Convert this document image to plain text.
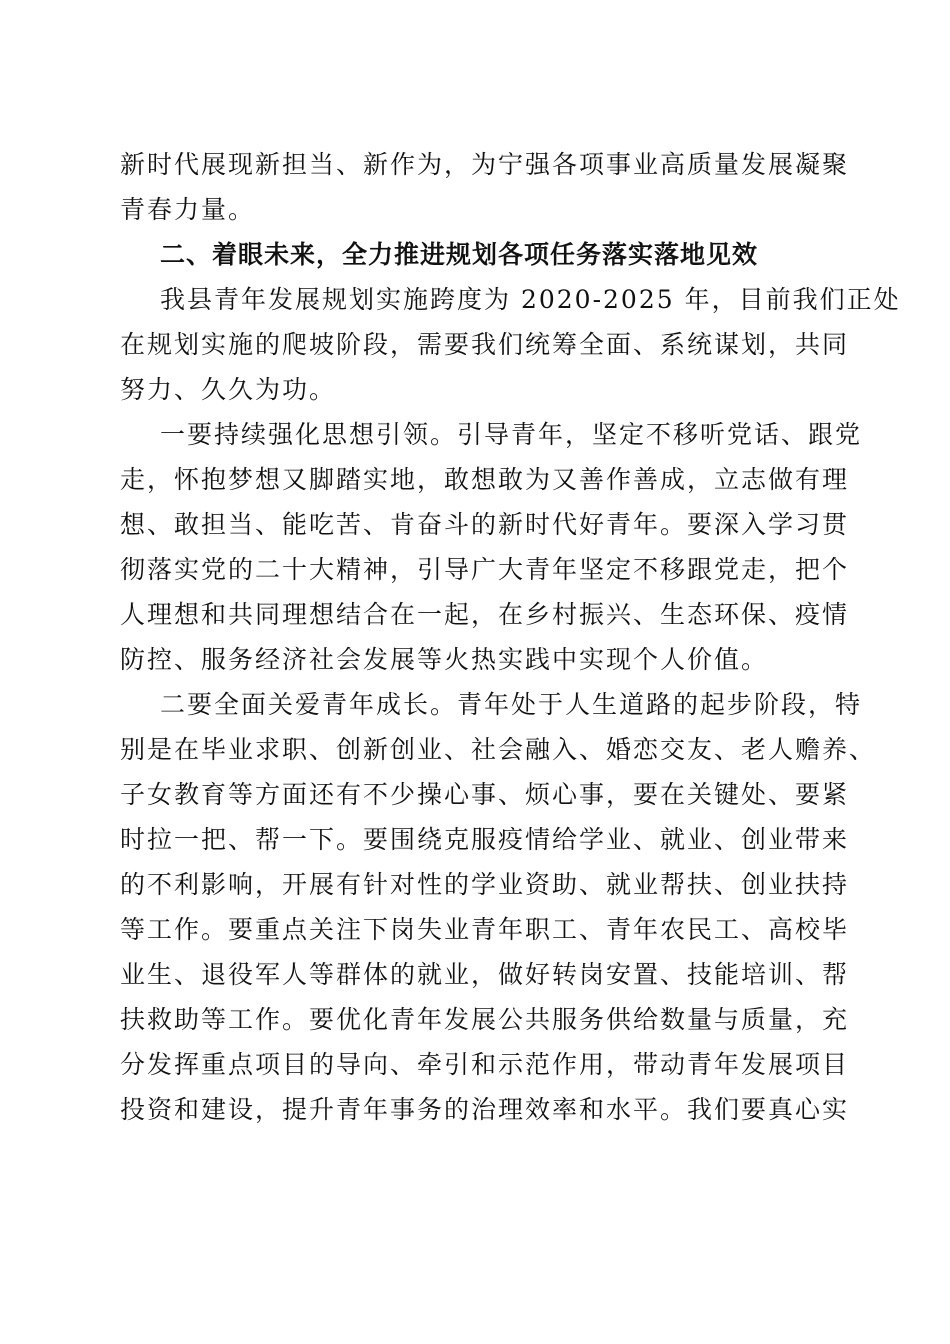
新时代展现新担当、新作为，为宁强各项事业高质量发展凝聚
青春力量。
二、着眼未来，全力推进规划各项任务落实落地见效
我县青年发展规划实施跨度为 2020-2025 年，目前我们正处
在规划实施的爬坡阶段，需要我们统筹全面、系统谋划，共同
努力、久久为功。
一要持续强化思想引领。引导青年，坚定不移听党话、跟党
走，怀抱梦想又脚踏实地，敢想敢为又善作善成，立志做有理
想、敢担当、能吃苦、肯奋斗的新时代好青年。要深入学习贯
彻落实党的二十大精神，引导广大青年坚定不移跟党走，把个
人理想和共同理想结合在一起，在乡村振兴、生态环保、疫情
防控、服务经济社会发展等火热实践中实现个人价值。
二要全面关爱青年成长。青年处于人生道路的起步阶段，特
别是在毕业求职、创新创业、社会融入、婚恋交友、老人赡养、
子女教育等方面还有不少操心事、烦心事，要在关键处、要紧
时拉一把、帮一下。要围绕克服疫情给学业、就业、创业带来
的不利影响，开展有针对性的学业资助、就业帮扶、创业扶持
等工作。要重点关注下岗失业青年职工、青年农民工、高校毕
业生、退役军人等群体的就业，做好转岗安置、技能培训、帮
扶救助等工作。要优化青年发展公共服务供给数量与质量，充
分发挥重点项目的导向、牵引和示范作用，带动青年发展项目
投资和建设，提升青年事务的治理效率和水平。我们要真心实
